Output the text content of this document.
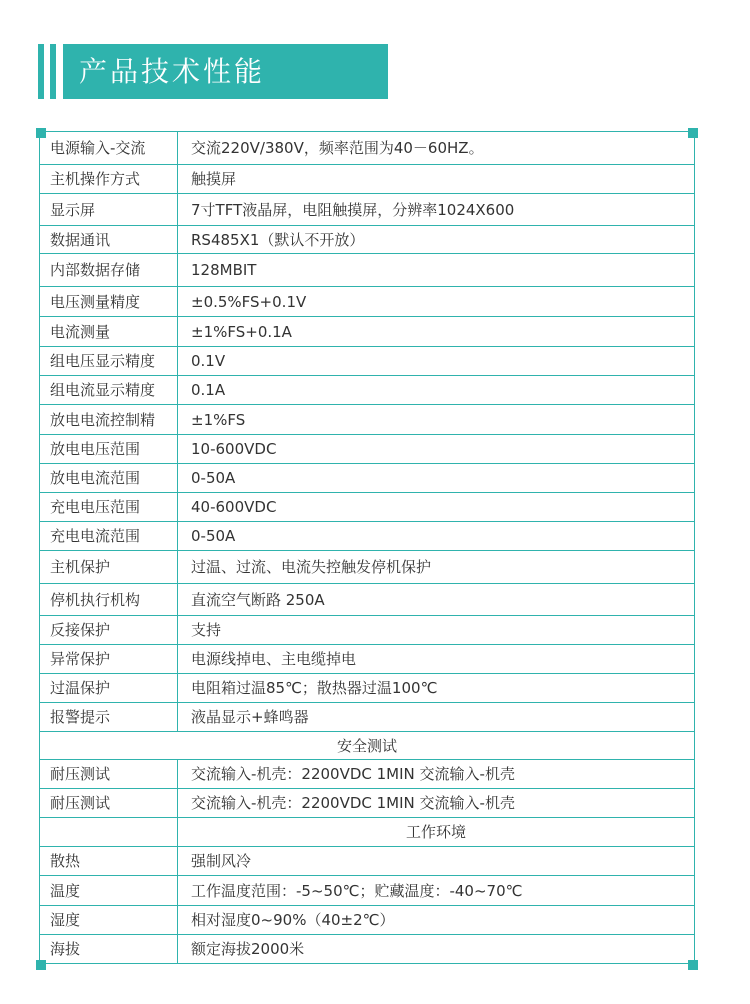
产品技术性能
电源输入-交流	交流220V/380V，频率范围为40－60HZ。
主机操作方式	触摸屏
显示屏	7寸TFT液晶屏，电阻触摸屏，分辨率1024X600
数据通讯	RS485X1（默认不开放）
内部数据存储	128MBIT
电压测量精度	±0.5%FS+0.1V
电流测量	±1%FS+0.1A
组电压显示精度	0.1V
组电流显示精度	0.1A
放电电流控制精	±1%FS
放电电压范围	10-600VDC
放电电流范围	0-50A
充电电压范围	40-600VDC
充电电流范围	0-50A
主机保护	过温、过流、电流失控触发停机保护
停机执行机构	直流空气断路 250A
反接保护	支持
异常保护	电源线掉电、主电缆掉电
过温保护	电阻箱过温85℃；散热器过温100℃
报警提示	液晶显示+蜂鸣器
安全测试	
耐压测试	交流输入-机壳：2200VDC 1MIN 交流输入-机壳
耐压测试	交流输入-机壳：2200VDC 1MIN 交流输入-机壳
	工作环境
散热	强制风冷
温度	工作温度范围：-5~50℃；贮藏温度：-40~70℃
湿度	相对湿度0~90%（40±2℃）
海拔	额定海拔2000米
